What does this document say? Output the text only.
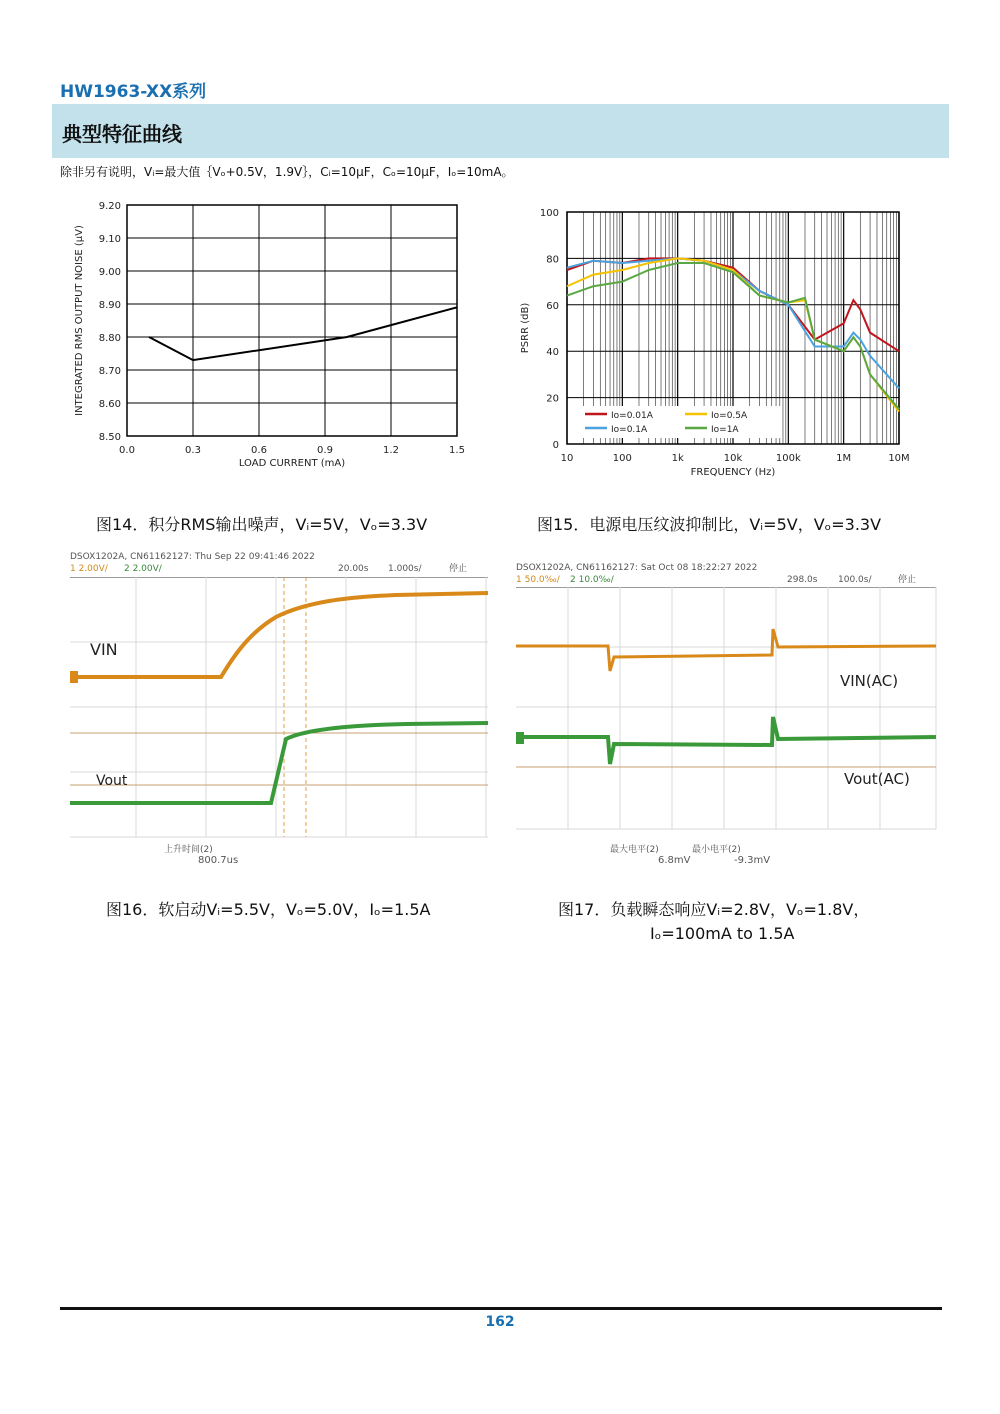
HW1963-XX系列
典型特征曲线
除非另有说明，Vᵢ=最大值｛Vₒ+0.5V，1.9V｝，Cᵢ=10μF，Cₒ=10μF，Iₒ=10mA。
0.0	0.3	0.6	0.9	1.2	1.5
8.50
8.60
8.70
8.80
8.90
9.00
9.10
9.20
LOAD CURRENT (mA)
INTEGRATED RMS OUTPUT NOISE (μV)
图14．积分RMS输出噪声，Vᵢ=5V，Vₒ=3.3V
10	100	1k	10k	100k	1M	10M
0
20
40
60
80
100
FREQUENCY (Hz)
PSRR (dB)
Io=0.01A
Io=0.1A
Io=0.5A
Io=1A
图15．电源电压纹波抑制比，Vᵢ=5V，Vₒ=3.3V
DSOX1202A, CN61162127: Thu Sep 22 09:41:46 2022
1 2.00V/ 2 2.00V/	20.00s 1.000s/	停止
VIN
Vout
上升时间(2)
800.7us
图16．软启动Vᵢ=5.5V，Vₒ=5.0V，Iₒ=1.5A
DSOX1202A, CN61162127: Sat Oct 08 18:22:27 2022
1 50.0‰/ 2 10.0‰/	298.0s 100.0s/	停止
VIN(AC)
Vout(AC)
最大电平(2)
6.8mV
最小电平(2)
-9.3mV
图17．负载瞬态响应Vᵢ=2.8V，Vₒ=1.8V，
Iₒ=100mA to 1.5A
162
